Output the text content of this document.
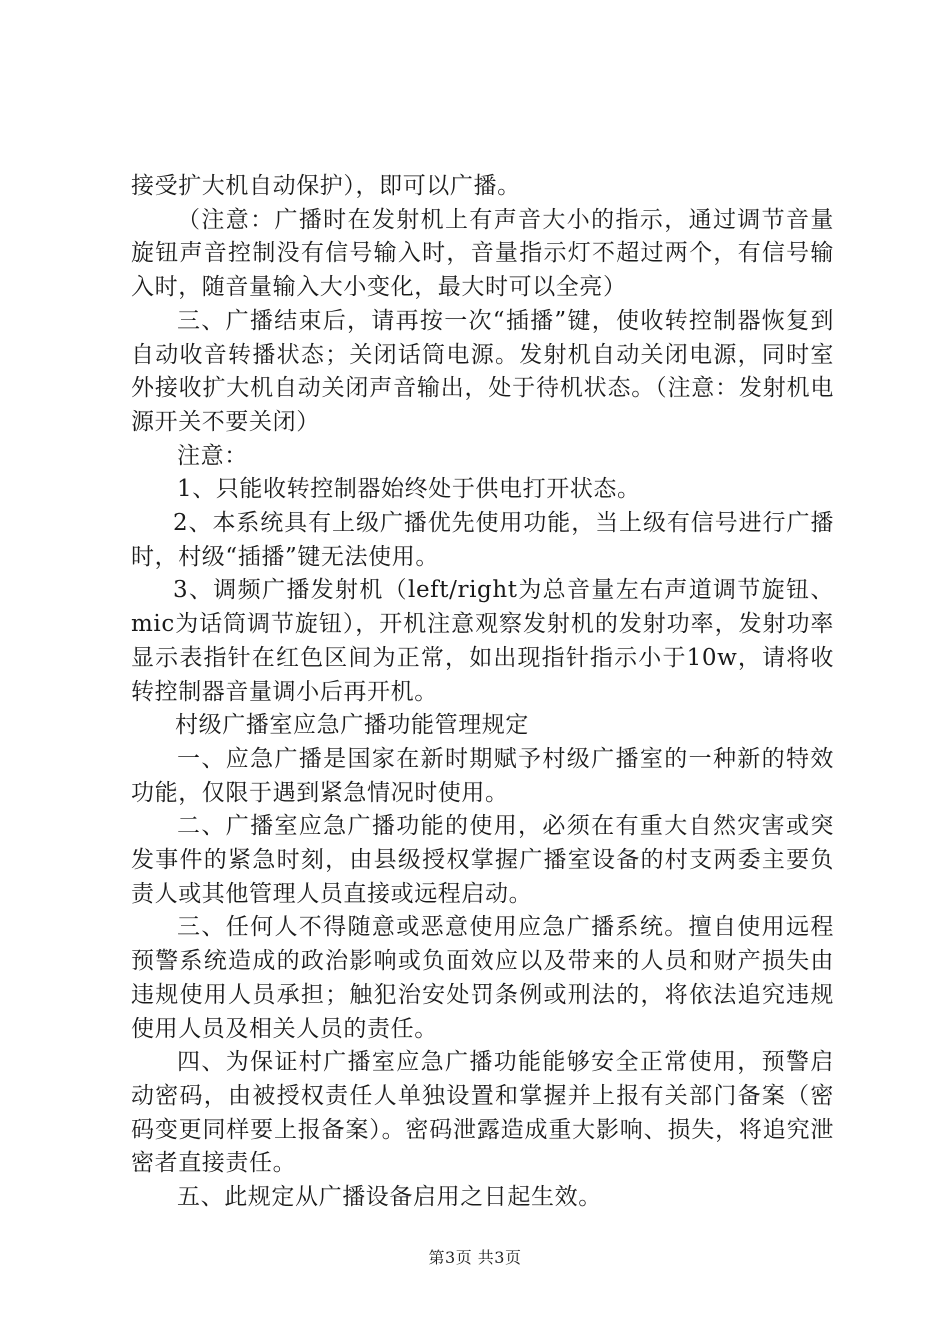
接受扩大机自动保护），即可以广播。

（注意：广播时在发射机上有声音大小的指示，通过调节音量旋钮声音控制没有信号输入时，音量指示灯不超过两个，有信号输入时，随音量输入大小变化，最大时可以全亮）

三、广播结束后，请再按一次“插播”键，使收转控制器恢复到自动收音转播状态；关闭话筒电源。发射机自动关闭电源，同时室外接收扩大机自动关闭声音输出，处于待机状态。（注意：发射机电源开关不要关闭）

注意：

1、只能收转控制器始终处于供电打开状态。

2、本系统具有上级广播优先使用功能，当上级有信号进行广播时，村级“插播”键无法使用。

3、调频广播发射机（left/right为总音量左右声道调节旋钮、mic为话筒调节旋钮），开机注意观察发射机的发射功率，发射功率显示表指针在红色区间为正常，如出现指针指示小于10w，请将收转控制器音量调小后再开机。

村级广播室应急广播功能管理规定

一、应急广播是国家在新时期赋予村级广播室的一种新的特效功能，仅限于遇到紧急情况时使用。

二、广播室应急广播功能的使用，必须在有重大自然灾害或突发事件的紧急时刻，由县级授权掌握广播室设备的村支两委主要负责人或其他管理人员直接或远程启动。

三、任何人不得随意或恶意使用应急广播系统。擅自使用远程预警系统造成的政治影响或负面效应以及带来的人员和财产损失由违规使用人员承担；触犯治安处罚条例或刑法的，将依法追究违规使用人员及相关人员的责任。

四、为保证村广播室应急广播功能能够安全正常使用，预警启动密码，由被授权责任人单独设置和掌握并上报有关部门备案（密码变更同样要上报备案）。密码泄露造成重大影响、损失，将追究泄密者直接责任。

五、此规定从广播设备启用之日起生效。

第3页 共3页
